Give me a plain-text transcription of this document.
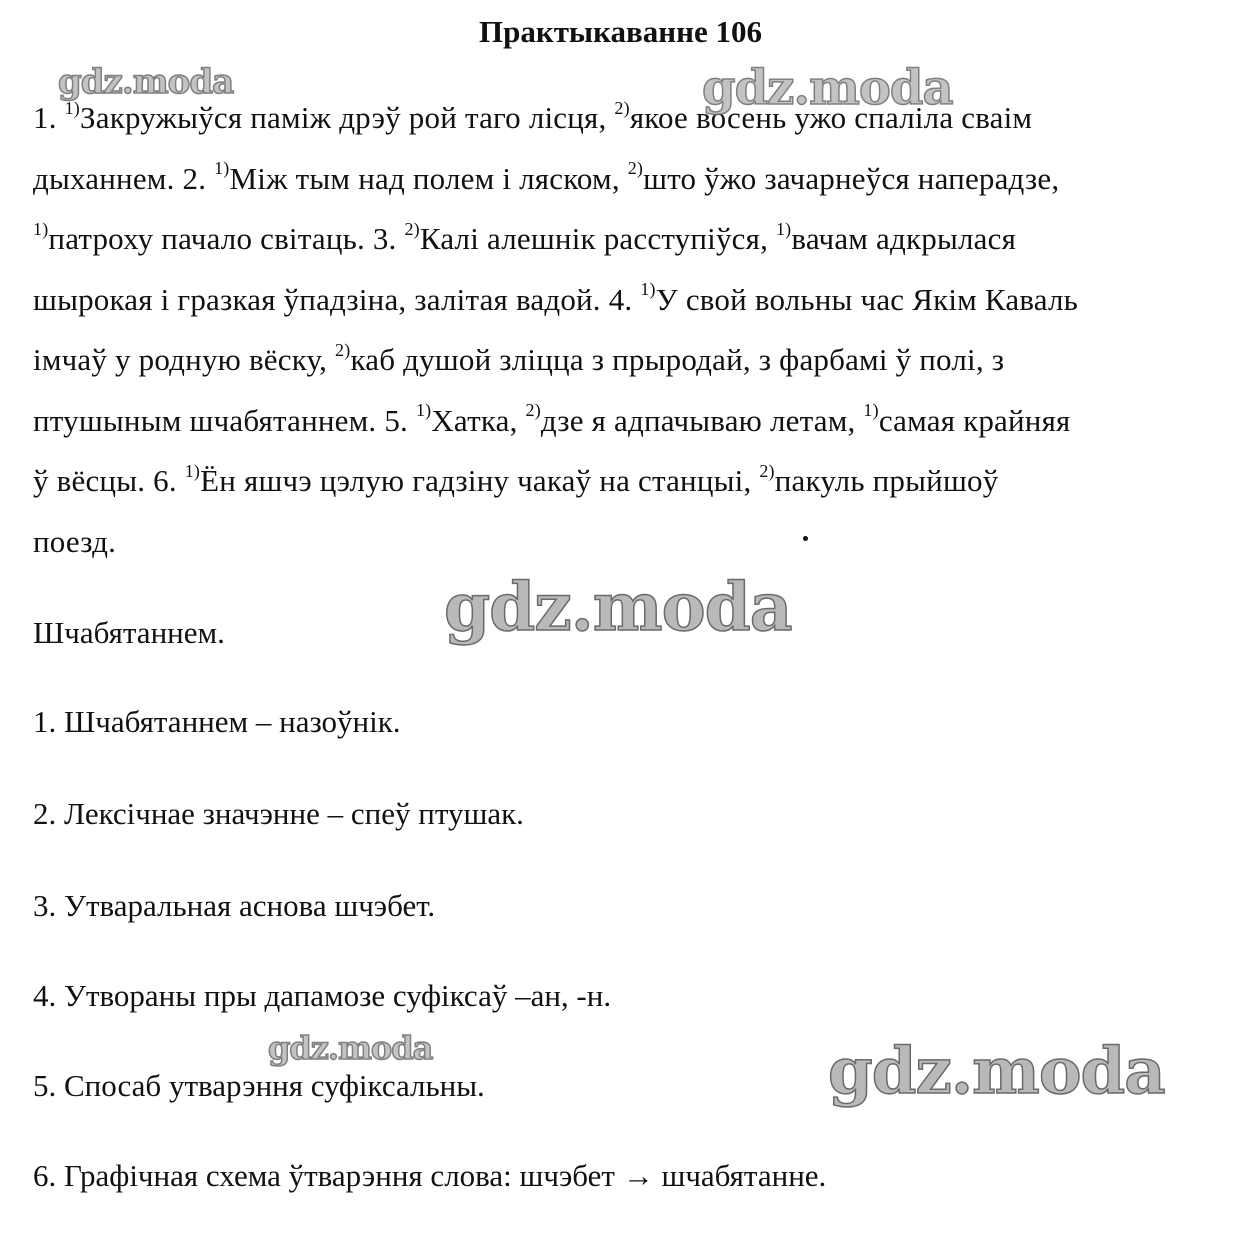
Практыкаванне 106
1. $^{1)}$Закружыўся паміж дрэў рой таго лісця, $^{2)}$якое восень ужо спаліла сваім
дыханнем. 2. $^{1)}$Між тым над полем і ляском, $^{2)}$што ўжо зачарнеўся наперадзе,
$^{1)}$патроху пачало світаць. 3. $^{2)}$Калі алешнік расступіўся, $^{1)}$вачам адкрылася
шырокая і гразкая ўпадзіна, залітая вадой. 4. $^{1)}$У свой вольны час Якім Каваль
імчаў у родную вёску, $^{2)}$каб душой зліцца з прыродай, з фарбамі ў полі, з
птушыным шчабятаннем. 5. $^{1)}$Хатка, $^{2)}$дзе я адпачываю летам, $^{1)}$самая крайняя
ў вёсцы. 6. $^{1)}$Ён яшчэ цэлую гадзіну чакаў на станцыі, $^{2)}$пакуль прыйшоў
поезд.
Шчабятаннем.
1. Шчабятаннем – назоўнік.
2. Лексічнае значэнне – спеў птушак.
3. Утваральная аснова шчэбет.
4. Утвораны пры дапамозе суфіксаў –ан, -н.
5. Спосаб утварэння суфіксальны.
6. Графічная схема ўтварэння слова: шчэбет → шчабятанне.
gdz.moda	gdz.moda
gdz.moda
gdz.moda	gdz.moda
